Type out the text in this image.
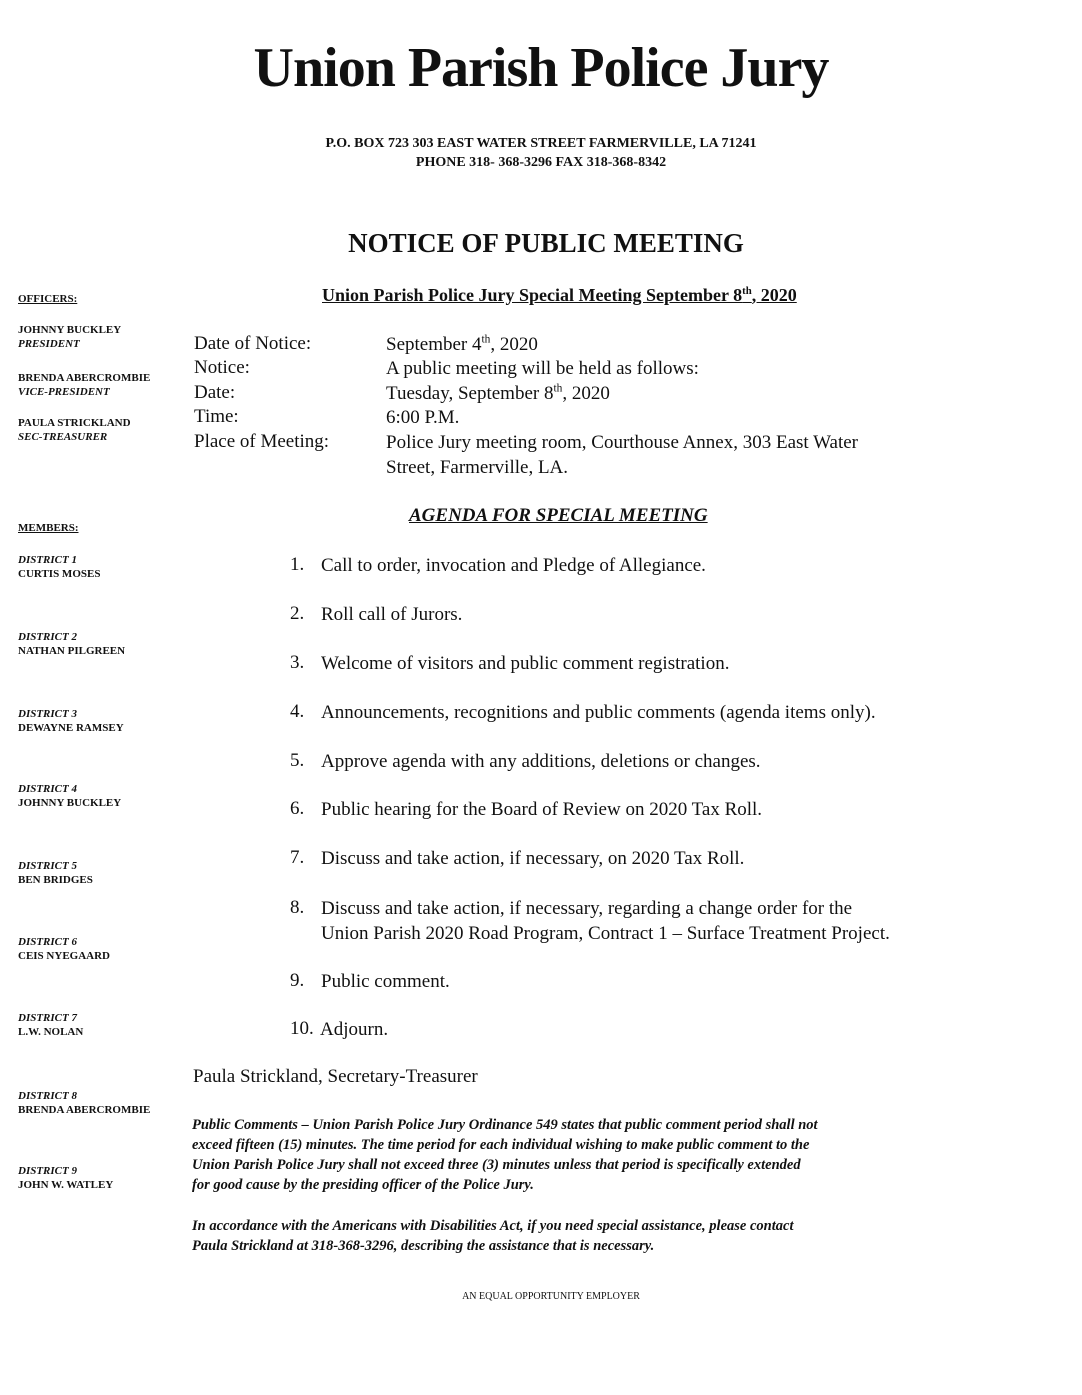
Union Parish Police Jury
P.O. BOX 723 303 EAST WATER STREET FARMERVILLE, LA 71241
PHONE 318- 368-3296 FAX 318-368-8342
NOTICE OF PUBLIC MEETING
OFFICERS:
JOHNNY BUCKLEY
PRESIDENT
BRENDA ABERCROMBIE
VICE-PRESIDENT
PAULA STRICKLAND
SEC-TREASURER
MEMBERS:
DISTRICT 1
CURTIS MOSES
DISTRICT 2
NATHAN PILGREEN
DISTRICT 3
DEWAYNE RAMSEY
DISTRICT 4
JOHNNY BUCKLEY
DISTRICT 5
BEN BRIDGES
DISTRICT 6
CEIS NYEGAARD
DISTRICT 7
L.W. NOLAN
DISTRICT 8
BRENDA ABERCROMBIE
DISTRICT 9
JOHN W. WATLEY
Union Parish Police Jury Special Meeting September 8th, 2020
Date of Notice:	September 4th, 2020
Notice:	A public meeting will be held as follows:
Date:	Tuesday, September 8th, 2020
Time:	6:00 P.M.
Place of Meeting:	Police Jury meeting room, Courthouse Annex, 303 East Water
Street, Farmerville, LA.
AGENDA FOR SPECIAL MEETING
1. Call to order, invocation and Pledge of Allegiance.
2. Roll call of Jurors.
3. Welcome of visitors and public comment registration.
4. Announcements, recognitions and public comments (agenda items only).
5. Approve agenda with any additions, deletions or changes.
6. Public hearing for the Board of Review on 2020 Tax Roll.
7. Discuss and take action, if necessary, on 2020 Tax Roll.
8. Discuss and take action, if necessary, regarding a change order for the
Union Parish 2020 Road Program, Contract 1 – Surface Treatment Project.
9. Public comment.
10. Adjourn.
Paula Strickland, Secretary-Treasurer
Public Comments – Union Parish Police Jury Ordinance 549 states that public comment period shall not
exceed fifteen (15) minutes. The time period for each individual wishing to make public comment to the
Union Parish Police Jury shall not exceed three (3) minutes unless that period is specifically extended
for good cause by the presiding officer of the Police Jury.
In accordance with the Americans with Disabilities Act, if you need special assistance, please contact
Paula Strickland at 318-368-3296, describing the assistance that is necessary.
AN EQUAL OPPORTUNITY EMPLOYER
